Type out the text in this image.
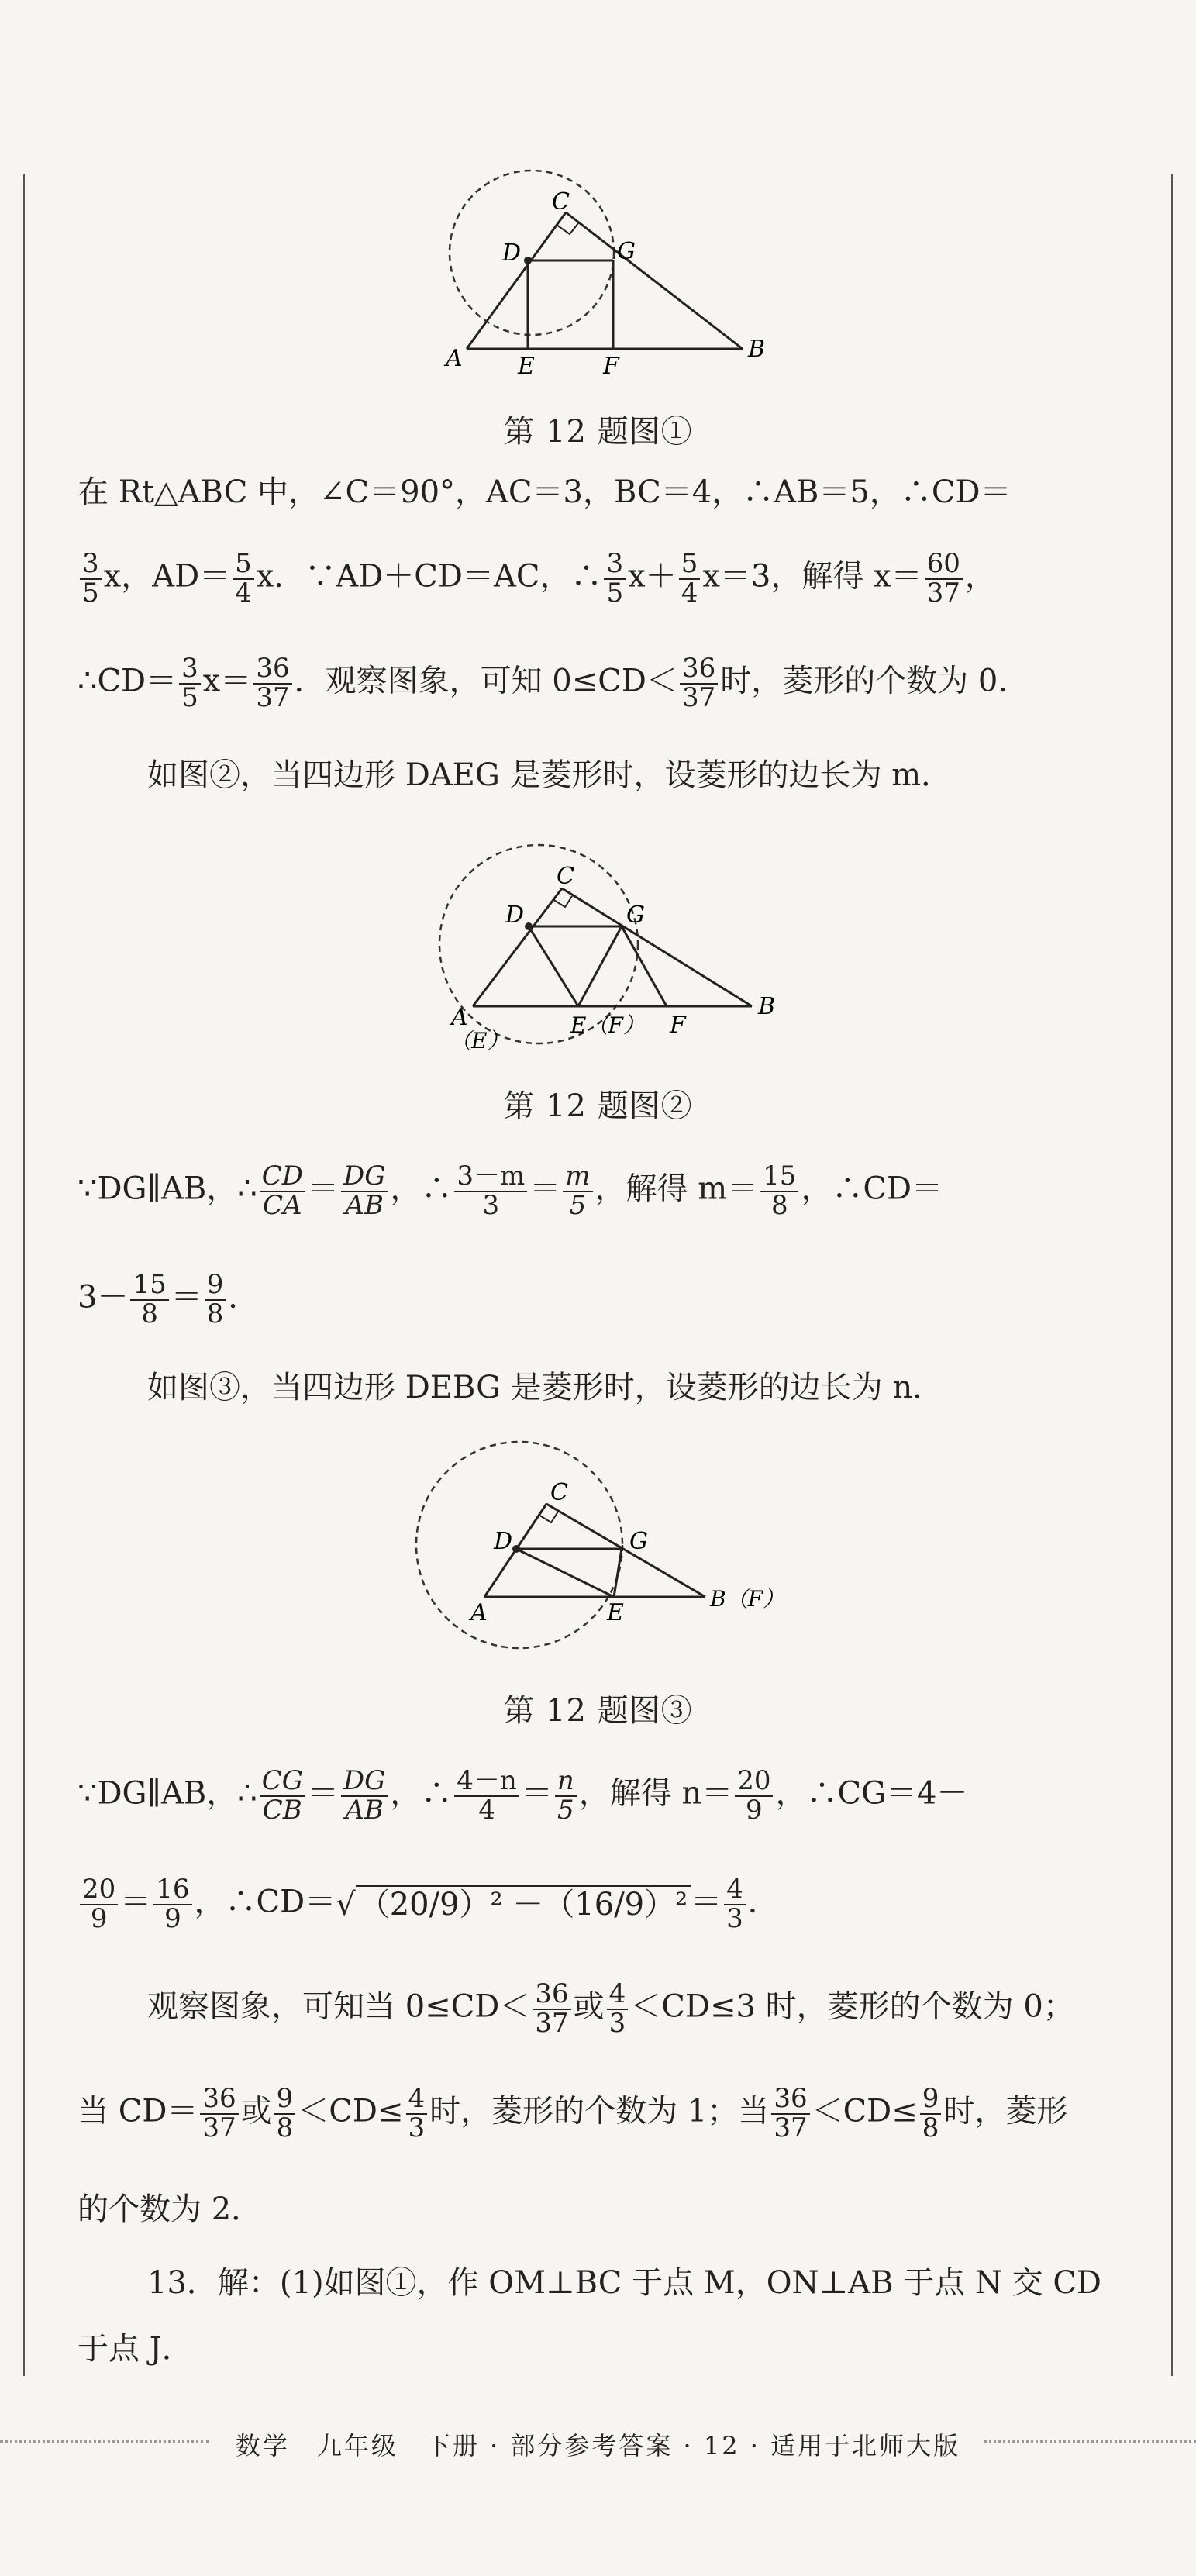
A E	F
B
C
D	G
第 12 题图①
在 Rt△ABC 中，∠C＝90°，AC＝3，BC＝4，∴AB＝5，∴CD＝
$\frac{3}{5}$ x，$AD= \frac{5}{4}$ x．∵AD＋CD＝AC，∴ $\frac{3}{5} x+ \frac{5}{4} x=3$，解得 $x= \frac{60}{37}$ ，
∴CD＝ $\frac{3}{5} x= \frac{36}{37}$ ．观察图象，可知 $0\le CD< \frac{36}{37}$ 时，菱形的个数为 0．
如图②，当四边形 DAEG 是菱形时，设菱形的边长为 m．
A
（E）
E（F） F
B
C
D	G
第 12 题图②
∵DG∥AB，∴ $\frac{CD}{CA} = \frac{DG}{AB}$ ，∴ $\frac{3-m}{3} = \frac{m}{5}$ ，解得 $m= \frac{15}{8}$ ，∴CD＝
$3- \frac{15}{8} = \frac{9}{8}$ ．
如图③，当四边形 DEBG 是菱形时，设菱形的边长为 n．
A	E
B（F）
C
D	G
第 12 题图③
∵DG∥AB，∴ $\frac{CG}{CB} = \frac{DG}{AB}$ ，∴ $\frac{4-n}{4} = \frac{n}{5}$ ，解得 $n= \frac{20}{9}$ ，∴CG＝4－
$\frac{20}{9} = \frac{16}{9}$ ，∴CD＝√ $(20/9)^2 -(16/9)^2 = \frac{4}{3}$ ．
观察图象，可知当 $0\le CD< \frac{36}{37}$ 或 $\frac{4}{3} <CD\le 3$ 时，菱形的个数为 0；
当 $CD= \frac{36}{37}$ 或 $\frac{9}{8} <CD\le \frac{4}{3}$ 时，菱形的个数为 1；当 $\frac{36}{37} <CD\le \frac{9}{8}$ 时，菱形
的个数为 2．
13．解：(1)如图①，作 OM⊥BC 于点 M，ON⊥AB 于点 N 交 CD
于点 J．
数学　九年级　下册 · 部分参考答案 · 12 · 适用于北师大版
